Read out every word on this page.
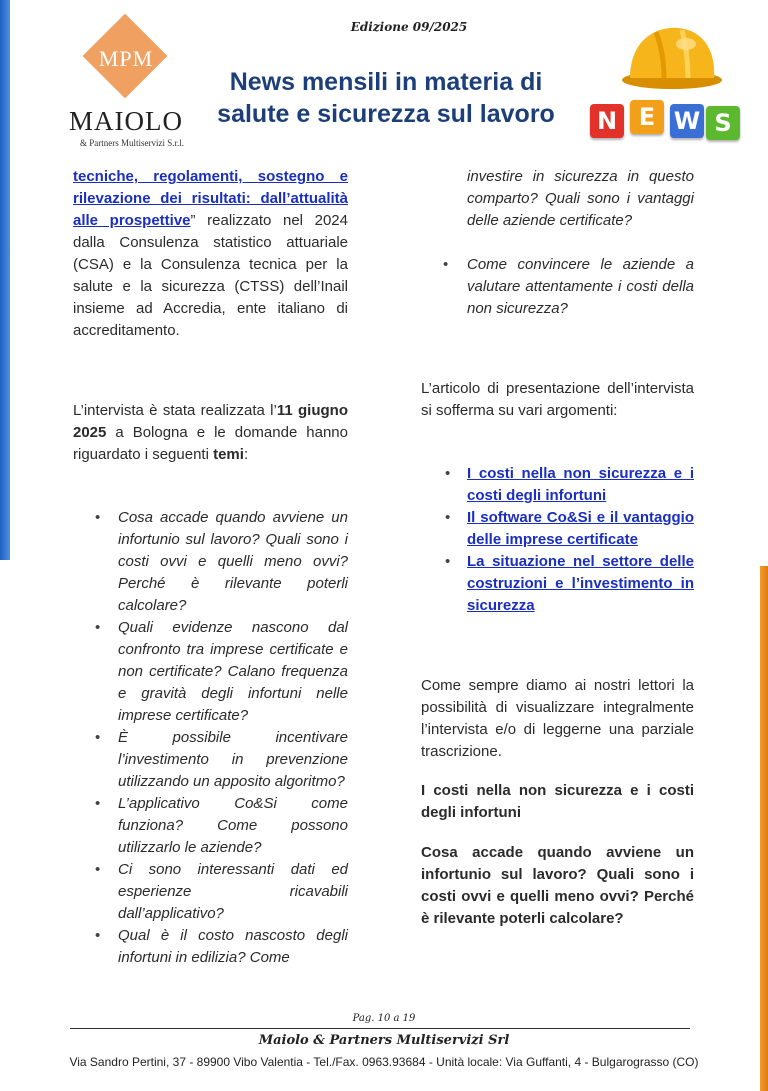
Edizione 09/2025
MPM
MAIOLO
& Partners Multiservizi S.r.l.
News mensili in materia di
salute e sicurezza sul lavoro	N E W S
tecniche, regolamenti, sostegno e rilevazione dei risultati: dall’attualità alle prospettive” realizzato nel 2024 dalla Consulenza statistico attuariale (CSA) e la Consulenza tecnica per la salute e la sicurezza (CTSS) dell’Inail insieme ad Accredia, ente italiano di accreditamento.
L’intervista è stata realizzata l’11 giugno 2025 a Bologna e le domande hanno riguardato i seguenti temi:
• Cosa accade quando avviene un infortunio sul lavoro? Quali sono i costi ovvi e quelli meno ovvi? Perché è rilevante poterli calcolare?
• Quali evidenze nascono dal confronto tra imprese certificate e non certificate? Calano frequenza e gravità degli infortuni nelle imprese certificate?
• È possibile incentivare l’investimento in prevenzione utilizzando un apposito algoritmo?
• L’applicativo Co&Si come funziona? Come possono utilizzarlo le aziende?
• Ci sono interessanti dati ed esperienze ricavabili dall’applicativo?
• Qual è il costo nascosto degli infortuni in edilizia? Come
investire in sicurezza in questo comparto? Quali sono i vantaggi delle aziende certificate?
• Come convincere le aziende a valutare attentamente i costi della non sicurezza?
L’articolo di presentazione dell’intervista si sofferma su vari argomenti:
• I costi nella non sicurezza e i costi degli infortuni
• Il software Co&Si e il vantaggio delle imprese certificate
• La situazione nel settore delle costruzioni e l’investimento in sicurezza
Come sempre diamo ai nostri lettori la possibilità di visualizzare integralmente l’intervista e/o di leggerne una parziale trascrizione.
I costi nella non sicurezza e i costi degli infortuni
Cosa accade quando avviene un infortunio sul lavoro? Quali sono i costi ovvi e quelli meno ovvi? Perché è rilevante poterli calcolare?
Pag. 10 a 19
Maiolo & Partners Multiservizi Srl
Via Sandro Pertini, 37 - 89900 Vibo Valentia - Tel./Fax. 0963.93684 - Unità locale: Via Guffanti, 4 - Bulgarograsso (CO)
